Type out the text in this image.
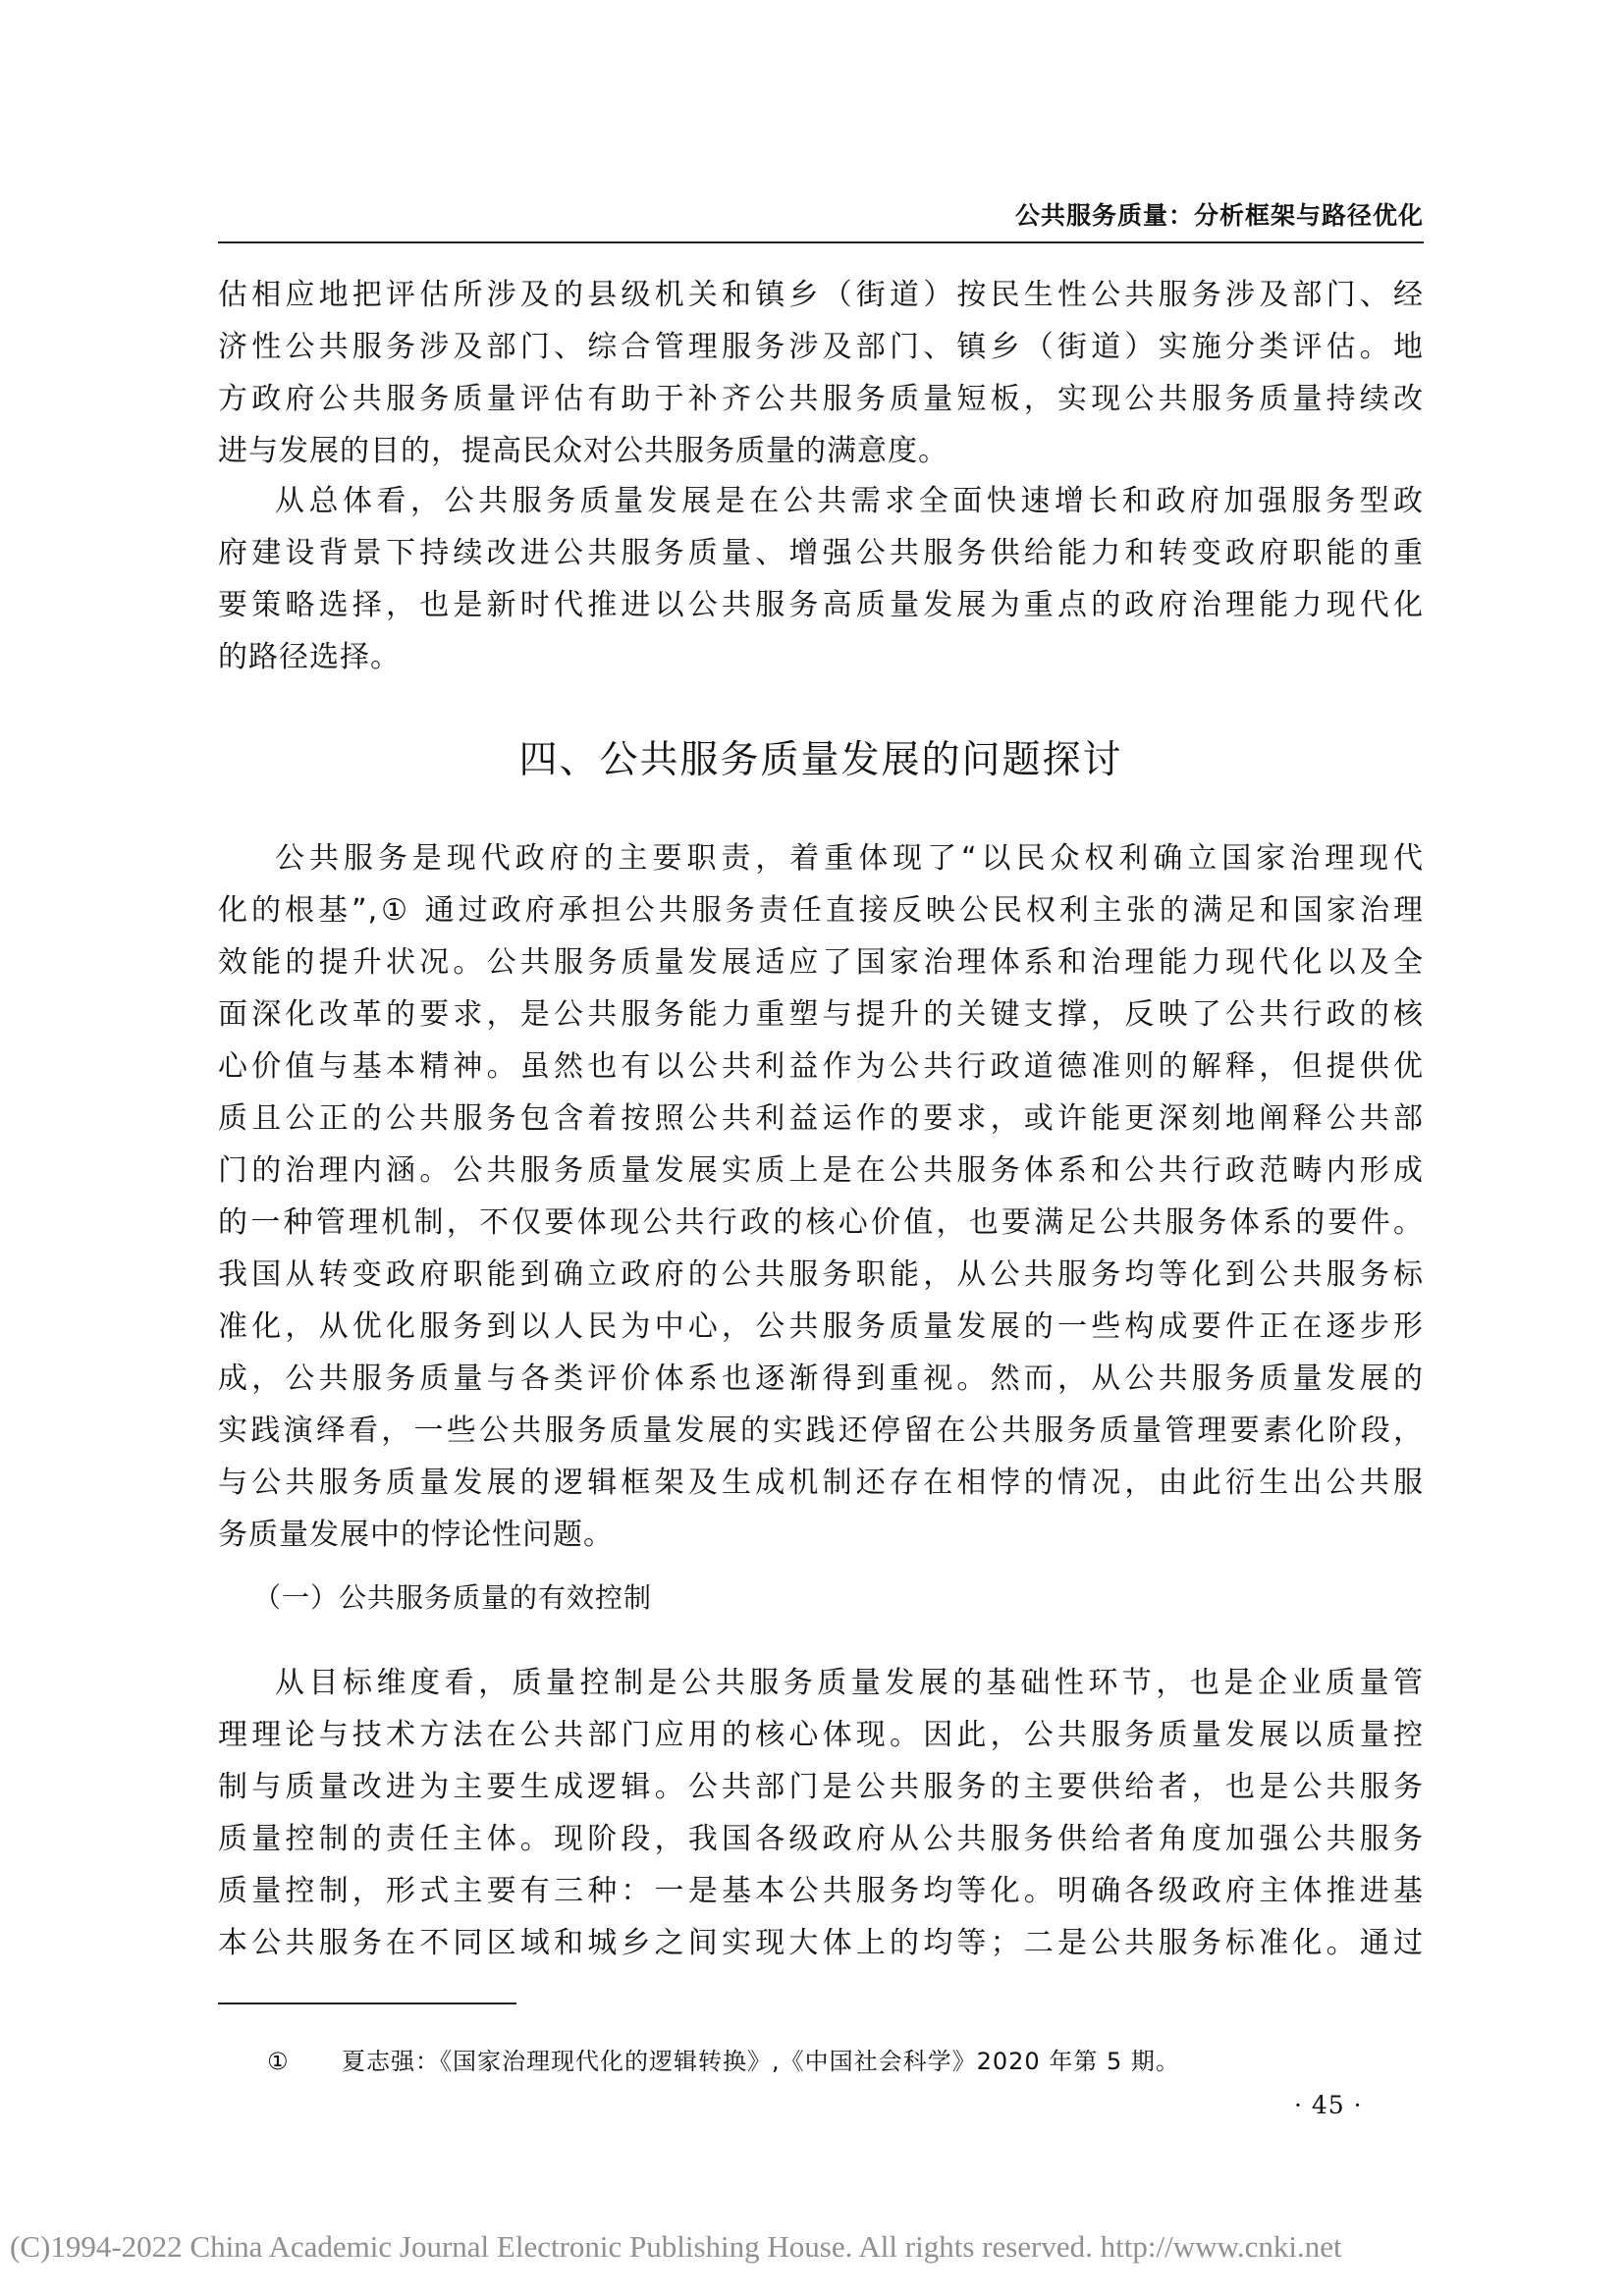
公共服务质量：分析框架与路径优化
估相应地把评估所涉及的县级机关和镇乡（街道）按民生性公共服务涉及部门、经
济性公共服务涉及部门、综合管理服务涉及部门、镇乡（街道）实施分类评估。地
方政府公共服务质量评估有助于补齐公共服务质量短板，实现公共服务质量持续改
进与发展的目的，提高民众对公共服务质量的满意度。
从总体看，公共服务质量发展是在公共需求全面快速增长和政府加强服务型政
府建设背景下持续改进公共服务质量、增强公共服务供给能力和转变政府职能的重
要策略选择，也是新时代推进以公共服务高质量发展为重点的政府治理能力现代化
的路径选择。
四、公共服务质量发展的问题探讨
公共服务是现代政府的主要职责，着重体现了“以民众权利确立国家治理现代
化的根基”,① 通过政府承担公共服务责任直接反映公民权利主张的满足和国家治理
效能的提升状况。公共服务质量发展适应了国家治理体系和治理能力现代化以及全
面深化改革的要求，是公共服务能力重塑与提升的关键支撑，反映了公共行政的核
心价值与基本精神。虽然也有以公共利益作为公共行政道德准则的解释，但提供优
质且公正的公共服务包含着按照公共利益运作的要求，或许能更深刻地阐释公共部
门的治理内涵。公共服务质量发展实质上是在公共服务体系和公共行政范畴内形成
的一种管理机制，不仅要体现公共行政的核心价值，也要满足公共服务体系的要件。
我国从转变政府职能到确立政府的公共服务职能，从公共服务均等化到公共服务标
准化，从优化服务到以人民为中心，公共服务质量发展的一些构成要件正在逐步形
成，公共服务质量与各类评价体系也逐渐得到重视。然而，从公共服务质量发展的
实践演绎看，一些公共服务质量发展的实践还停留在公共服务质量管理要素化阶段，
与公共服务质量发展的逻辑框架及生成机制还存在相悖的情况，由此衍生出公共服
务质量发展中的悖论性问题。
（一）公共服务质量的有效控制
从目标维度看，质量控制是公共服务质量发展的基础性环节，也是企业质量管
理理论与技术方法在公共部门应用的核心体现。因此，公共服务质量发展以质量控
制与质量改进为主要生成逻辑。公共部门是公共服务的主要供给者，也是公共服务
质量控制的责任主体。现阶段，我国各级政府从公共服务供给者角度加强公共服务
质量控制，形式主要有三种：一是基本公共服务均等化。明确各级政府主体推进基
本公共服务在不同区域和城乡之间实现大体上的均等；二是公共服务标准化。通过
① 夏志强：《国家治理现代化的逻辑转换》,《中国社会科学》2020 年第 5 期。
· 45 ·
(C)1994-2022 China Academic Journal Electronic Publishing House. All rights reserved. http://www.cnki.net
